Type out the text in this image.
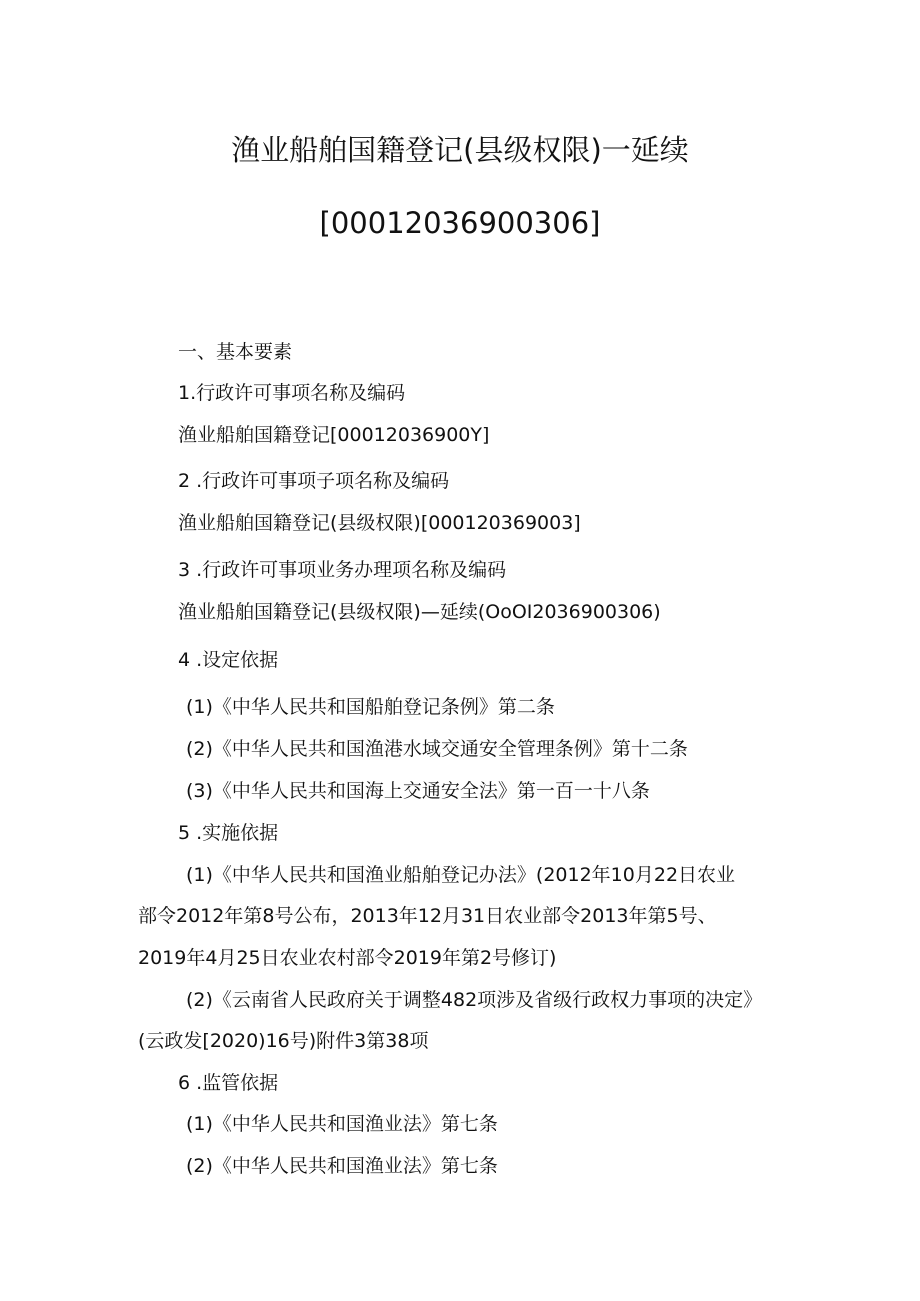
渔业船舶国籍登记(县级权限)一延续
[00012036900306]
一、基本要素
1.行政许可事项名称及编码
渔业船舶国籍登记[00012036900Y]
2 .行政许可事项子项名称及编码
渔业船舶国籍登记(县级权限)[000120369003]
3 .行政许可事项业务办理项名称及编码
渔业船舶国籍登记(县级权限)—延续(OoOI2036900306)
4 .设定依据
(1)《中华人民共和国船舶登记条例》第二条
(2)《中华人民共和国渔港水域交通安全管理条例》第十二条
(3)《中华人民共和国海上交通安全法》第一百一十八条
5 .实施依据
(1)《中华人民共和国渔业船舶登记办法》(2012年10月22日农业
部令2012年第8号公布，2013年12月31日农业部令2013年第5号、
2019年4月25日农业农村部令2019年第2号修订)
(2)《云南省人民政府关于调整482项涉及省级行政权力事项的决定》
(云政发[2020)16号)附件3第38项
6 .监管依据
(1)《中华人民共和国渔业法》第七条
(2)《中华人民共和国渔业法》第七条
